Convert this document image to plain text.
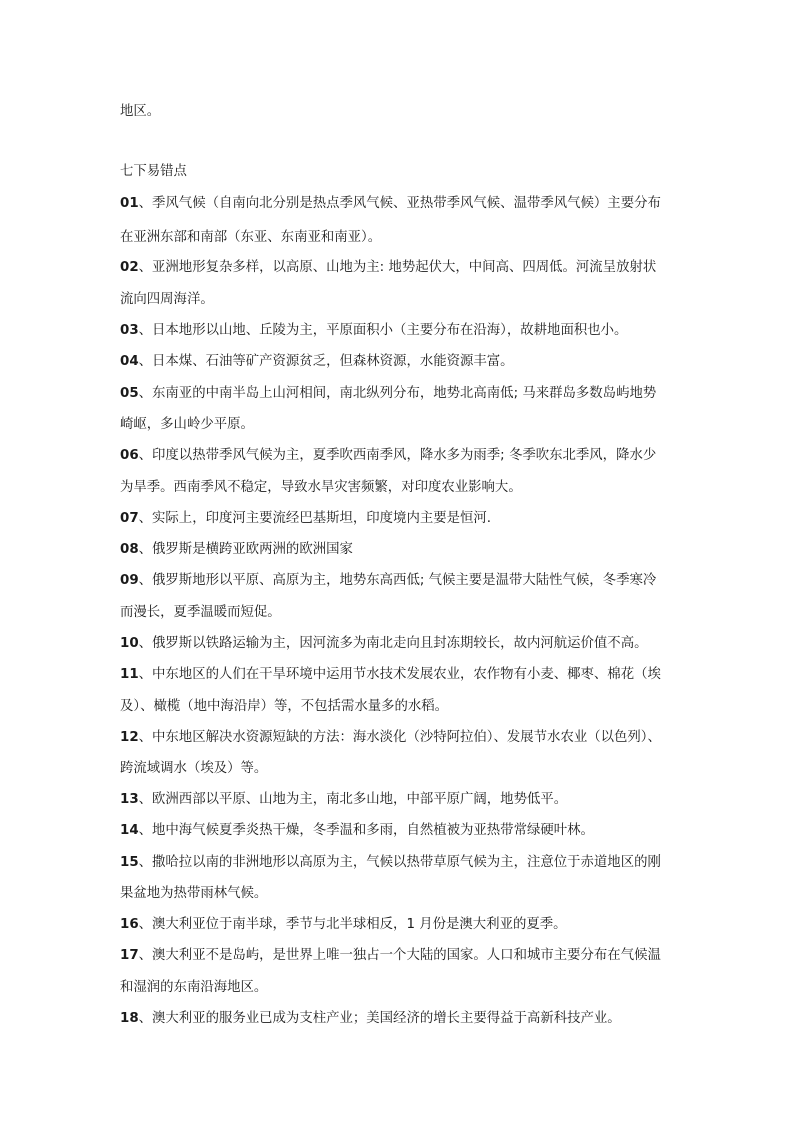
地区。
七下易错点
01、季风气候（自南向北分别是热点季风气候、亚热带季风气候、温带季风气候）主要分布
在亚洲东部和南部（东亚、东南亚和南亚）。
02、亚洲地形复杂多样，以高原、山地为主: 地势起伏大，中间高、四周低。河流呈放射状
流向四周海洋。
03、日本地形以山地、丘陵为主，平原面积小（主要分布在沿海），故耕地面积也小。
04、日本煤、石油等矿产资源贫乏，但森林资源，水能资源丰富。
05、东南亚的中南半岛上山河相间，南北纵列分布，地势北高南低; 马来群岛多数岛屿地势
崎岖，多山岭少平原。
06、印度以热带季风气候为主，夏季吹西南季风，降水多为雨季; 冬季吹东北季风，降水少
为旱季。西南季风不稳定，导致水旱灾害频繁，对印度农业影响大。
07、实际上，印度河主要流经巴基斯坦，印度境内主要是恒河.
08、俄罗斯是横跨亚欧两洲的欧洲国家
09、俄罗斯地形以平原、高原为主，地势东高西低; 气候主要是温带大陆性气候，冬季寒冷
而漫长，夏季温暖而短促。
10、俄罗斯以铁路运输为主，因河流多为南北走向且封冻期较长，故内河航运价值不高。
11、中东地区的人们在干旱环境中运用节水技术发展农业，农作物有小麦、椰枣、棉花（埃
及）、橄榄（地中海沿岸）等，不包括需水量多的水稻。
12、中东地区解决水资源短缺的方法：海水淡化（沙特阿拉伯）、发展节水农业（以色列）、
跨流域调水（埃及）等。
13、欧洲西部以平原、山地为主，南北多山地，中部平原广阔，地势低平。
14、地中海气候夏季炎热干燥，冬季温和多雨，自然植被为亚热带常绿硬叶林。
15、撒哈拉以南的非洲地形以高原为主，气候以热带草原气候为主，注意位于赤道地区的刚
果盆地为热带雨林气候。
16、澳大利亚位于南半球，季节与北半球相反，1 月份是澳大利亚的夏季。
17、澳大利亚不是岛屿，是世界上唯一独占一个大陆的国家。人口和城市主要分布在气候温
和湿润的东南沿海地区。
18、澳大利亚的服务业已成为支柱产业；美国经济的增长主要得益于高新科技产业。
